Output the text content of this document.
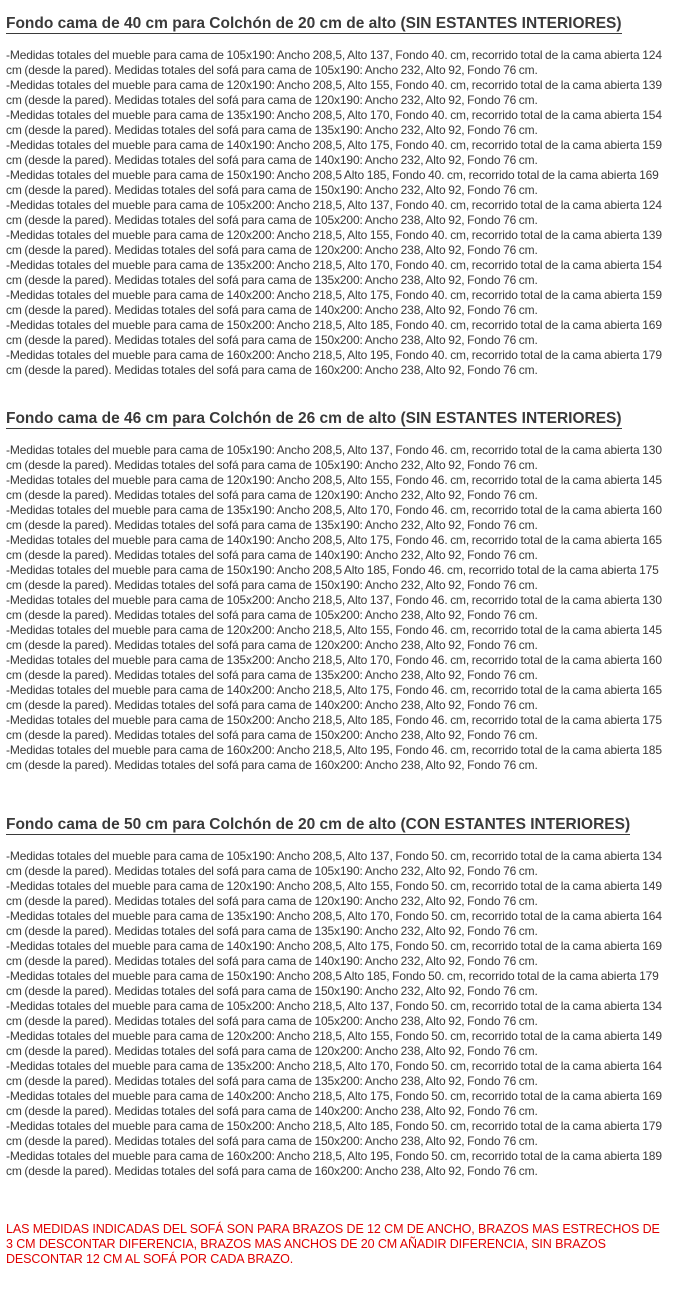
Fondo cama de 40 cm para Colchón de 20 cm de alto (SIN ESTANTES INTERIORES)
-Medidas totales del mueble para cama de 105x190: Ancho 208,5, Alto 137, Fondo 40. cm, recorrido total de la cama abierta 124 cm (desde la pared). Medidas totales del sofá para cama de 105x190: Ancho 232, Alto 92, Fondo 76 cm.
-Medidas totales del mueble para cama de 120x190: Ancho 208,5, Alto 155, Fondo 40. cm, recorrido total de la cama abierta 139 cm (desde la pared). Medidas totales del sofá para cama de 120x190: Ancho 232, Alto 92, Fondo 76 cm.
-Medidas totales del mueble para cama de 135x190: Ancho 208,5, Alto 170, Fondo 40. cm, recorrido total de la cama abierta 154 cm (desde la pared). Medidas totales del sofá para cama de 135x190: Ancho 232, Alto 92, Fondo 76 cm.
-Medidas totales del mueble para cama de 140x190: Ancho 208,5, Alto 175, Fondo 40. cm, recorrido total de la cama abierta 159 cm (desde la pared). Medidas totales del sofá para cama de 140x190: Ancho 232, Alto 92, Fondo 76 cm.
-Medidas totales del mueble para cama de 150x190: Ancho 208,5 Alto 185, Fondo 40. cm, recorrido total de la cama abierta 169 cm (desde la pared). Medidas totales del sofá para cama de 150x190: Ancho 232, Alto 92, Fondo 76 cm.
-Medidas totales del mueble para cama de 105x200: Ancho 218,5, Alto 137, Fondo 40. cm, recorrido total de la cama abierta 124 cm (desde la pared). Medidas totales del sofá para cama de 105x200: Ancho 238, Alto 92, Fondo 76 cm.
-Medidas totales del mueble para cama de 120x200: Ancho 218,5, Alto 155, Fondo 40. cm, recorrido total de la cama abierta 139 cm (desde la pared). Medidas totales del sofá para cama de 120x200: Ancho 238, Alto 92, Fondo 76 cm.
-Medidas totales del mueble para cama de 135x200: Ancho 218,5, Alto 170, Fondo 40. cm, recorrido total de la cama abierta 154 cm (desde la pared). Medidas totales del sofá para cama de 135x200: Ancho 238, Alto 92, Fondo 76 cm.
-Medidas totales del mueble para cama de 140x200: Ancho 218,5, Alto 175, Fondo 40. cm, recorrido total de la cama abierta 159 cm (desde la pared). Medidas totales del sofá para cama de 140x200: Ancho 238, Alto 92, Fondo 76 cm.
-Medidas totales del mueble para cama de 150x200: Ancho 218,5, Alto 185, Fondo 40. cm, recorrido total de la cama abierta 169 cm (desde la pared). Medidas totales del sofá para cama de 150x200: Ancho 238, Alto 92, Fondo 76 cm.
-Medidas totales del mueble para cama de 160x200: Ancho 218,5, Alto 195, Fondo 40. cm, recorrido total de la cama abierta 179 cm (desde la pared). Medidas totales del sofá para cama de 160x200: Ancho 238, Alto 92, Fondo 76 cm.
Fondo cama de 46 cm para Colchón de 26 cm de alto (SIN ESTANTES INTERIORES)
-Medidas totales del mueble para cama de 105x190: Ancho 208,5, Alto 137, Fondo 46. cm, recorrido total de la cama abierta 130 cm (desde la pared). Medidas totales del sofá para cama de 105x190: Ancho 232, Alto 92, Fondo 76 cm.
-Medidas totales del mueble para cama de 120x190: Ancho 208,5, Alto 155, Fondo 46. cm, recorrido total de la cama abierta 145 cm (desde la pared). Medidas totales del sofá para cama de 120x190: Ancho 232, Alto 92, Fondo 76 cm.
-Medidas totales del mueble para cama de 135x190: Ancho 208,5, Alto 170, Fondo 46. cm, recorrido total de la cama abierta 160 cm (desde la pared). Medidas totales del sofá para cama de 135x190: Ancho 232, Alto 92, Fondo 76 cm.
-Medidas totales del mueble para cama de 140x190: Ancho 208,5, Alto 175, Fondo 46. cm, recorrido total de la cama abierta 165 cm (desde la pared). Medidas totales del sofá para cama de 140x190: Ancho 232, Alto 92, Fondo 76 cm.
-Medidas totales del mueble para cama de 150x190: Ancho 208,5 Alto 185, Fondo 46. cm, recorrido total de la cama abierta 175 cm (desde la pared). Medidas totales del sofá para cama de 150x190: Ancho 232, Alto 92, Fondo 76 cm.
-Medidas totales del mueble para cama de 105x200: Ancho 218,5, Alto 137, Fondo 46. cm, recorrido total de la cama abierta 130 cm (desde la pared). Medidas totales del sofá para cama de 105x200: Ancho 238, Alto 92, Fondo 76 cm.
-Medidas totales del mueble para cama de 120x200: Ancho 218,5, Alto 155, Fondo 46. cm, recorrido total de la cama abierta 145 cm (desde la pared). Medidas totales del sofá para cama de 120x200: Ancho 238, Alto 92, Fondo 76 cm.
-Medidas totales del mueble para cama de 135x200: Ancho 218,5, Alto 170, Fondo 46. cm, recorrido total de la cama abierta 160 cm (desde la pared). Medidas totales del sofá para cama de 135x200: Ancho 238, Alto 92, Fondo 76 cm.
-Medidas totales del mueble para cama de 140x200: Ancho 218,5, Alto 175, Fondo 46. cm, recorrido total de la cama abierta 165 cm (desde la pared). Medidas totales del sofá para cama de 140x200: Ancho 238, Alto 92, Fondo 76 cm.
-Medidas totales del mueble para cama de 150x200: Ancho 218,5, Alto 185, Fondo 46. cm, recorrido total de la cama abierta 175 cm (desde la pared). Medidas totales del sofá para cama de 150x200: Ancho 238, Alto 92, Fondo 76 cm.
-Medidas totales del mueble para cama de 160x200: Ancho 218,5, Alto 195, Fondo 46. cm, recorrido total de la cama abierta 185 cm (desde la pared). Medidas totales del sofá para cama de 160x200: Ancho 238, Alto 92, Fondo 76 cm.
Fondo cama de 50 cm para Colchón de 20 cm de alto (CON ESTANTES INTERIORES)
-Medidas totales del mueble para cama de 105x190: Ancho 208,5, Alto 137, Fondo 50. cm, recorrido total de la cama abierta 134 cm (desde la pared). Medidas totales del sofá para cama de 105x190: Ancho 232, Alto 92, Fondo 76 cm.
-Medidas totales del mueble para cama de 120x190: Ancho 208,5, Alto 155, Fondo 50. cm, recorrido total de la cama abierta 149 cm (desde la pared). Medidas totales del sofá para cama de 120x190: Ancho 232, Alto 92, Fondo 76 cm.
-Medidas totales del mueble para cama de 135x190: Ancho 208,5, Alto 170, Fondo 50. cm, recorrido total de la cama abierta 164 cm (desde la pared). Medidas totales del sofá para cama de 135x190: Ancho 232, Alto 92, Fondo 76 cm.
-Medidas totales del mueble para cama de 140x190: Ancho 208,5, Alto 175, Fondo 50. cm, recorrido total de la cama abierta 169 cm (desde la pared). Medidas totales del sofá para cama de 140x190: Ancho 232, Alto 92, Fondo 76 cm.
-Medidas totales del mueble para cama de 150x190: Ancho 208,5 Alto 185, Fondo 50. cm, recorrido total de la cama abierta 179 cm (desde la pared). Medidas totales del sofá para cama de 150x190: Ancho 232, Alto 92, Fondo 76 cm.
-Medidas totales del mueble para cama de 105x200: Ancho 218,5, Alto 137, Fondo 50. cm, recorrido total de la cama abierta 134 cm (desde la pared). Medidas totales del sofá para cama de 105x200: Ancho 238, Alto 92, Fondo 76 cm.
-Medidas totales del mueble para cama de 120x200: Ancho 218,5, Alto 155, Fondo 50. cm, recorrido total de la cama abierta 149 cm (desde la pared). Medidas totales del sofá para cama de 120x200: Ancho 238, Alto 92, Fondo 76 cm.
-Medidas totales del mueble para cama de 135x200: Ancho 218,5, Alto 170, Fondo 50. cm, recorrido total de la cama abierta 164 cm (desde la pared). Medidas totales del sofá para cama de 135x200: Ancho 238, Alto 92, Fondo 76 cm.
-Medidas totales del mueble para cama de 140x200: Ancho 218,5, Alto 175, Fondo 50. cm, recorrido total de la cama abierta 169 cm (desde la pared). Medidas totales del sofá para cama de 140x200: Ancho 238, Alto 92, Fondo 76 cm.
-Medidas totales del mueble para cama de 150x200: Ancho 218,5, Alto 185, Fondo 50. cm, recorrido total de la cama abierta 179 cm (desde la pared). Medidas totales del sofá para cama de 150x200: Ancho 238, Alto 92, Fondo 76 cm.
-Medidas totales del mueble para cama de 160x200: Ancho 218,5, Alto 195, Fondo 50. cm, recorrido total de la cama abierta 189 cm (desde la pared). Medidas totales del sofá para cama de 160x200: Ancho 238, Alto 92, Fondo 76 cm.
LAS MEDIDAS INDICADAS DEL SOFÁ SON PARA BRAZOS DE 12 CM DE ANCHO, BRAZOS MAS ESTRECHOS DE 3 CM DESCONTAR DIFERENCIA, BRAZOS MAS ANCHOS DE 20 CM AÑADIR DIFERENCIA, SIN BRAZOS DESCONTAR 12 CM AL SOFÁ POR CADA BRAZO.
